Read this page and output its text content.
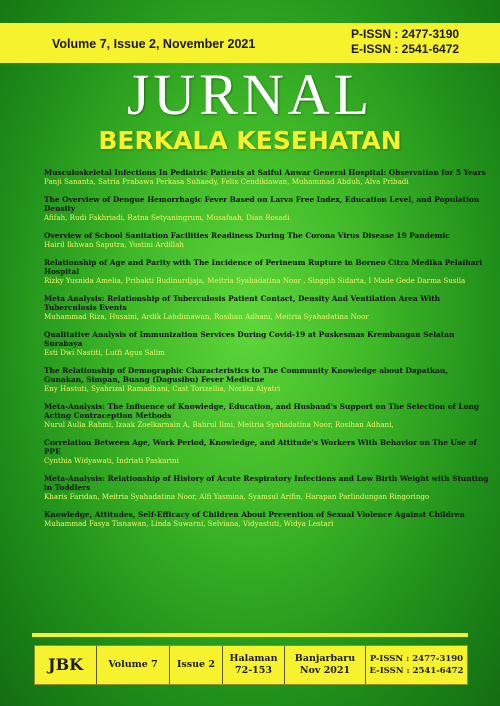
Volume 7, Issue 2, November 2021
P-ISSN : 2477-3190
E-ISSN : 2541-6472
JURNAL
BERKALA KESEHATAN
Musculoskeletal Infections In Pediatric Patients at Saiful Anwar General Hospital: Observation for 5 Years
Panji Sananta, Satria Prabawa Perkasa Suhaedy, Felix Cendikiawan, Muhammad Abduh, Alva Pribadi
The Overview of Dengue Hemorrhagic Fever Based on Larva Free Index, Education Level, and Population Density
Afifah, Rudi Fakhriadi, Ratna Setyaningrum, Musafaah, Dian Rosadi
Overview of School Sanitation Facilities Readiness During The Corona Virus Disease 19 Pandemic
Hairil Ikhwan Saputra, Yustini Ardillah
Relationship of Age and Parity with The Incidence of Perineum Rupture in Borneo Citra Medika Pelaihari Hospital
Rizky Yusnida Amelia, Pribakti Budinurdjaja, Meitria Syahadatina Noor , Singgih Sidarta, I Made Gede Darma Susila
Meta Analysis: Relationship of Tuberculosis Patient Contact, Density And Ventilation Area With Tuberculosis Events
Muhammad Riza, Husaini, Ardik Lahdimawan, Rosihan Adhani, Meitria Syahadatina Noor
Qualitative Analysis of Immunization Services During Covid-19 at Puskesmas Krembangan Selatan Surabaya
Esti Dwi Nastiti, Lutfi Agus Salim
The Relationship of Demographic Characteristics to The Community Knowledge about Dapatkan, Gunakan, Simpan, Buang (Dagusibu) Fever Medicine
Eny Hastuti, Syahrizal Ramadhani, Cast Torizellia, Norlita Alyatri
Meta-Analysis: The Influence of Knowledge, Education, and Husband's Support on The Selection of Long Acting Contraception Methods
Nurul Aulia Rahmi, Izaak Zoelkarnain A, Bahrul Ilmi, Meitria Syahadatina Noor, Rosihan Adhani,
Correlation Between Age, Work Period, Knowledge, and Attitude's Workers With Behavior on The Use of PPE
Cynthia Widyawati, Indriati Paskarini
Meta-Analysis: Relationship of History of Acute Respiratory Infections and Low Birth Weight with Stunting in Toddlers
Kharis Faridan, Meitria Syahadatina Noor, Alfi Yasmina, Syamsul Arifin, Harapan Parlindungan Ringoringo
Knowledge, Attitudes, Self-Efficacy of Children About Prevention of Sexual Violence Against Children
Muhammad Fasya Tisnawan, Linda Suwarni, Selviana, Vidyastuti, Widya Lestari
JBK	Volume 7 Issue 2
Halaman
72-153
Banjarbaru
Nov 2021
P-ISSN : 2477-3190
E-ISSN : 2541-6472
